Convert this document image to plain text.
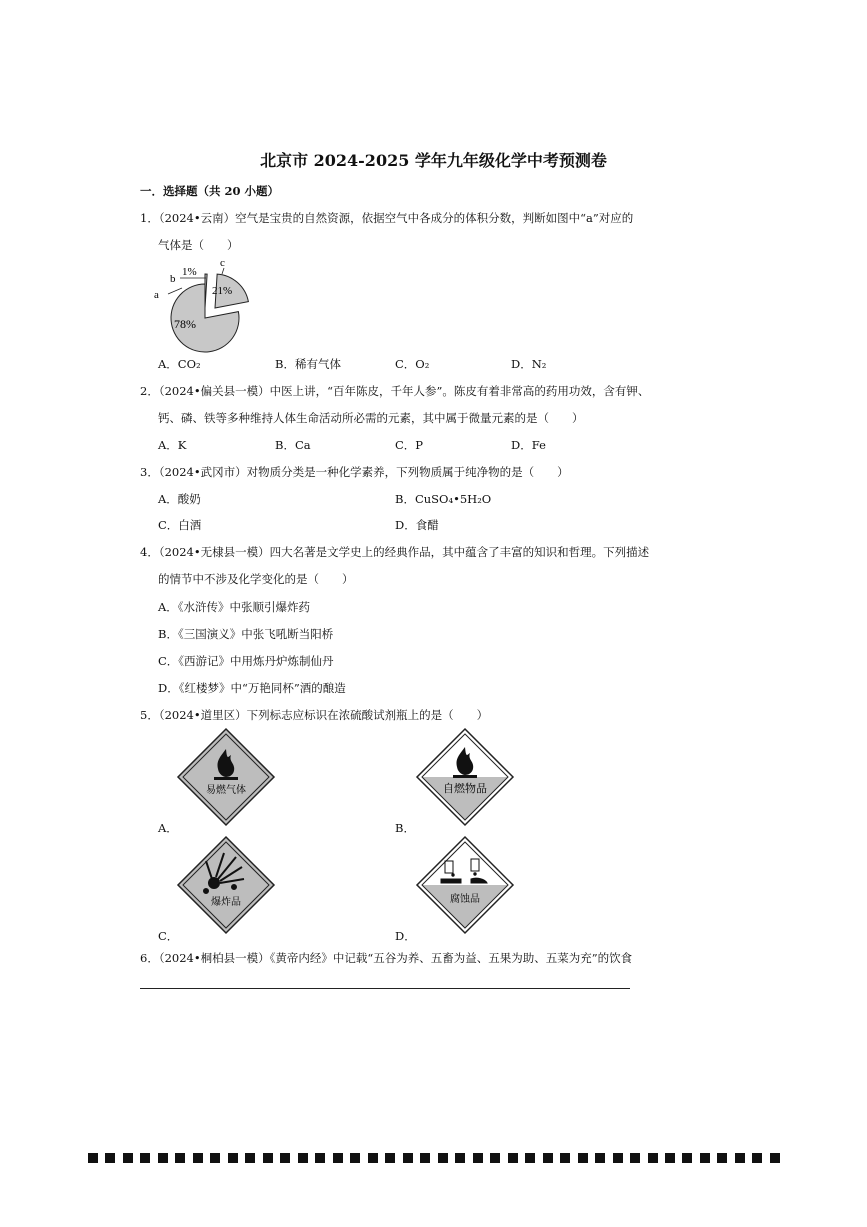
北京市 2024-2025 学年九年级化学中考预测卷
一．选择题（共 20 小题）
1．（2024•云南）空气是宝贵的自然资源，依据空气中各成分的体积分数，判断如图中“a”对应的
气体是（　　）
a
b
c
78%
1%
21%
A．CO₂	B．稀有气体	C．O₂	D．N₂
2．（2024•偏关县一模）中医上讲，“百年陈皮，千年人参”。陈皮有着非常高的药用功效，含有钾、
钙、磷、铁等多种维持人体生命活动所必需的元素，其中属于微量元素的是（　　）
A．K	B．Ca	C．P	D．Fe
3．（2024•武冈市）对物质分类是一种化学素养，下列物质属于纯净物的是（　　）
A．酸奶	B．CuSO₄•5H₂O
C．白酒	D．食醋
4．（2024•无棣县一模）四大名著是文学史上的经典作品，其中蕴含了丰富的知识和哲理。下列描述
的情节中不涉及化学变化的是（　　）
A．《水浒传》中张顺引爆炸药
B．《三国演义》中张飞吼断当阳桥
C．《西游记》中用炼丹炉炼制仙丹
D．《红楼梦》中“万艳同杯”酒的酿造
5．（2024•道里区）下列标志应标识在浓硫酸试剂瓶上的是（　　）
易燃气体
A．
自燃物品
B．
爆炸品
C．
腐蚀品
D．
6．（2024•桐柏县一模）《黄帝内经》中记载“五谷为养、五畜为益、五果为助、五菜为充”的饮食
